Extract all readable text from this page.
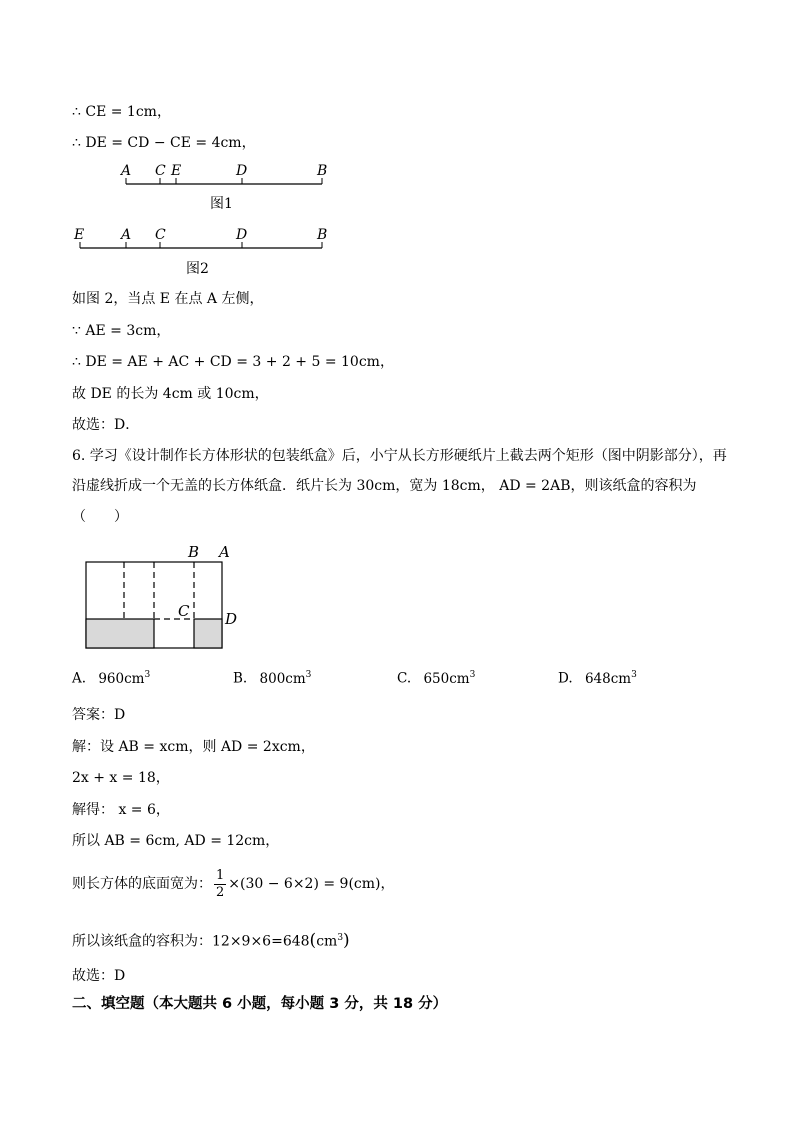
∴ CE = 1cm，
∴ DE = CD − CE = 4cm，
A C E	D	B
图1
E	A C	D	B
图2
如图 2，当点 E 在点 A 左侧，
∵ AE = 3cm，
∴ DE = AE + AC + CD = 3 + 2 + 5 = 10cm，
故 DE 的长为 4cm 或 10cm，
故选：D．
6. 学习《设计制作长方体形状的包装纸盒》后，小宁从长方形硬纸片上截去两个矩形（图中阴影部分），再沿虚线折成一个无盖的长方体纸盒．纸片长为 30cm，宽为 18cm， AD = 2AB，则该纸盒的容积为
（　　）
B A
C D
A. $960cm^3$	B. $800cm^3$	C. $650cm^3$	D. $648cm^3$
答案：D
解：设 AB = xcm，则 AD = 2xcm，
2x + x = 18，
解得： x = 6，
所以 AB = 6cm, AD = 12cm，
则长方体的底面宽为： $\frac{1}{2} \times(30 - 6\times 2) = 9(cm)$，
所以该纸盒的容积为：$12\times 9\times 6=648(cm^3)$
故选：D
二、填空题（本大题共 6 小题，每小题 3 分，共 18 分）
